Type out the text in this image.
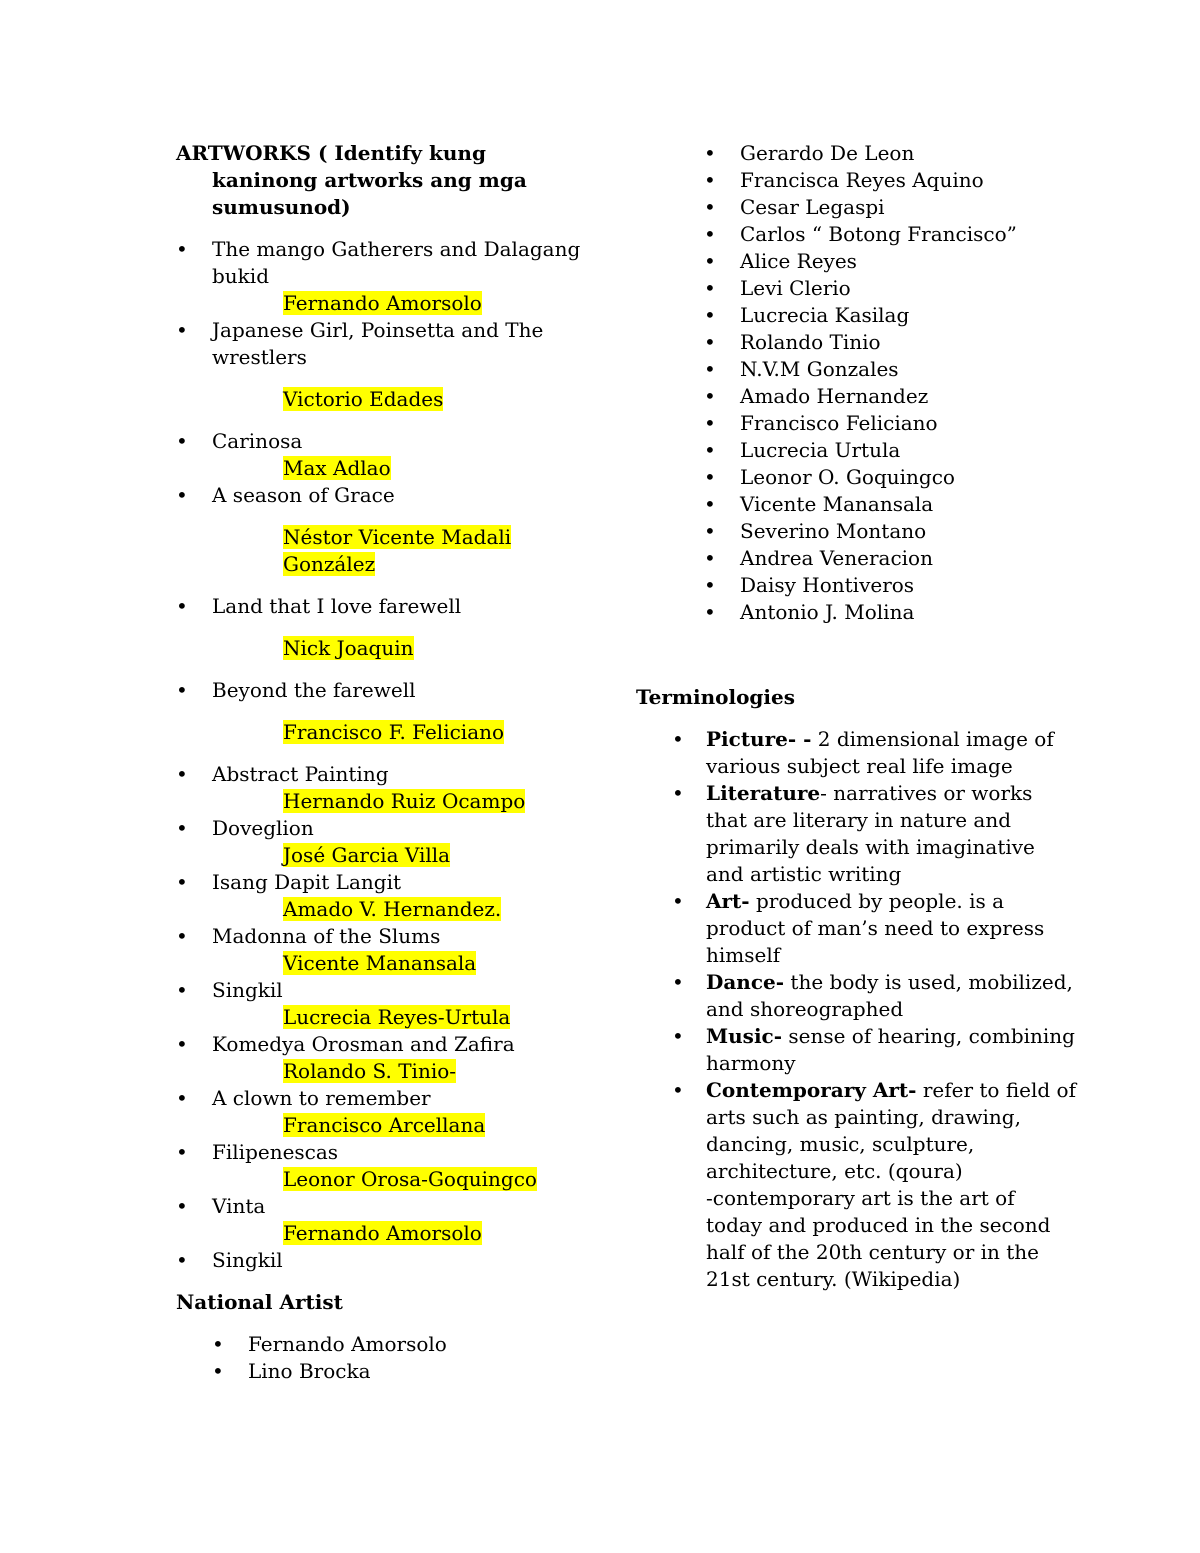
ARTWORKS ( Identify kung kaninong artworks ang mga sumusunod)

• The mango Gatherers and Dalagang bukid
Fernando Amorsolo
• Japanese Girl, Poinsetta and The wrestlers
Victorio Edades
• Carinosa
Max Adlao
• A season of Grace
Néstor Vicente Madali González
• Land that I love farewell
Nick Joaquin
• Beyond the farewell
Francisco F. Feliciano
• Abstract Painting
Hernando Ruiz Ocampo
• Doveglion
José Garcia Villa
• Isang Dapit Langit
Amado V. Hernandez.
• Madonna of the Slums
Vicente Manansala
• Singkil
Lucrecia Reyes-Urtula
• Komedya Orosman and Zafira
Rolando S. Tinio-
• A clown to remember
Francisco Arcellana
• Filipenescas
Leonor Orosa-Goquingco
• Vinta
Fernando Amorsolo
• Singkil

National Artist

• Fernando Amorsolo
• Lino Brocka
• Gerardo De Leon
• Francisca Reyes Aquino
• Cesar Legaspi
• Carlos “ Botong Francisco”
• Alice Reyes
• Levi Clerio
• Lucrecia Kasilag
• Rolando Tinio
• N.V.M Gonzales
• Amado Hernandez
• Francisco Feliciano
• Lucrecia Urtula
• Leonor O. Goquingco
• Vicente Manansala
• Severino Montano
• Andrea Veneracion
• Daisy Hontiveros
• Antonio J. Molina

Terminologies

• Picture- - 2 dimensional image of various subject real life image
• Literature- narratives or works that are literary in nature and primarily deals with imaginative and artistic writing
• Art- produced by people. is a product of man’s need to express himself
• Dance- the body is used, mobilized, and shoreographed
• Music- sense of hearing, combining harmony
• Contemporary Art- refer to field of arts such as painting, drawing, dancing, music, sculpture, architecture, etc. (qoura)
-contemporary art is the art of today and produced in the second half of the 20th century or in the 21st century. (Wikipedia)
